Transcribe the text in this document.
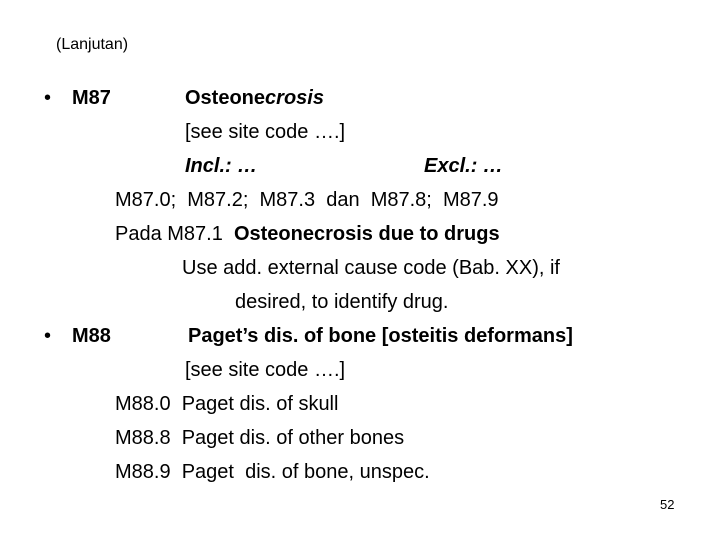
(Lanjutan)
• M87	Osteonecrosis
[see site code ….]
Incl.: …	Excl.: …
M87.0;  M87.2;  M87.3  dan  M87.8;  M87.9
Pada M87.1  Osteonecrosis due to drugs
Use add. external cause code (Bab. XX), if
desired, to identify drug.
• M88	Paget’s dis. of bone [osteitis deformans]
[see site code ….]
M88.0  Paget dis. of skull
M88.8  Paget dis. of other bones
M88.9  Paget  dis. of bone, unspec.
52
